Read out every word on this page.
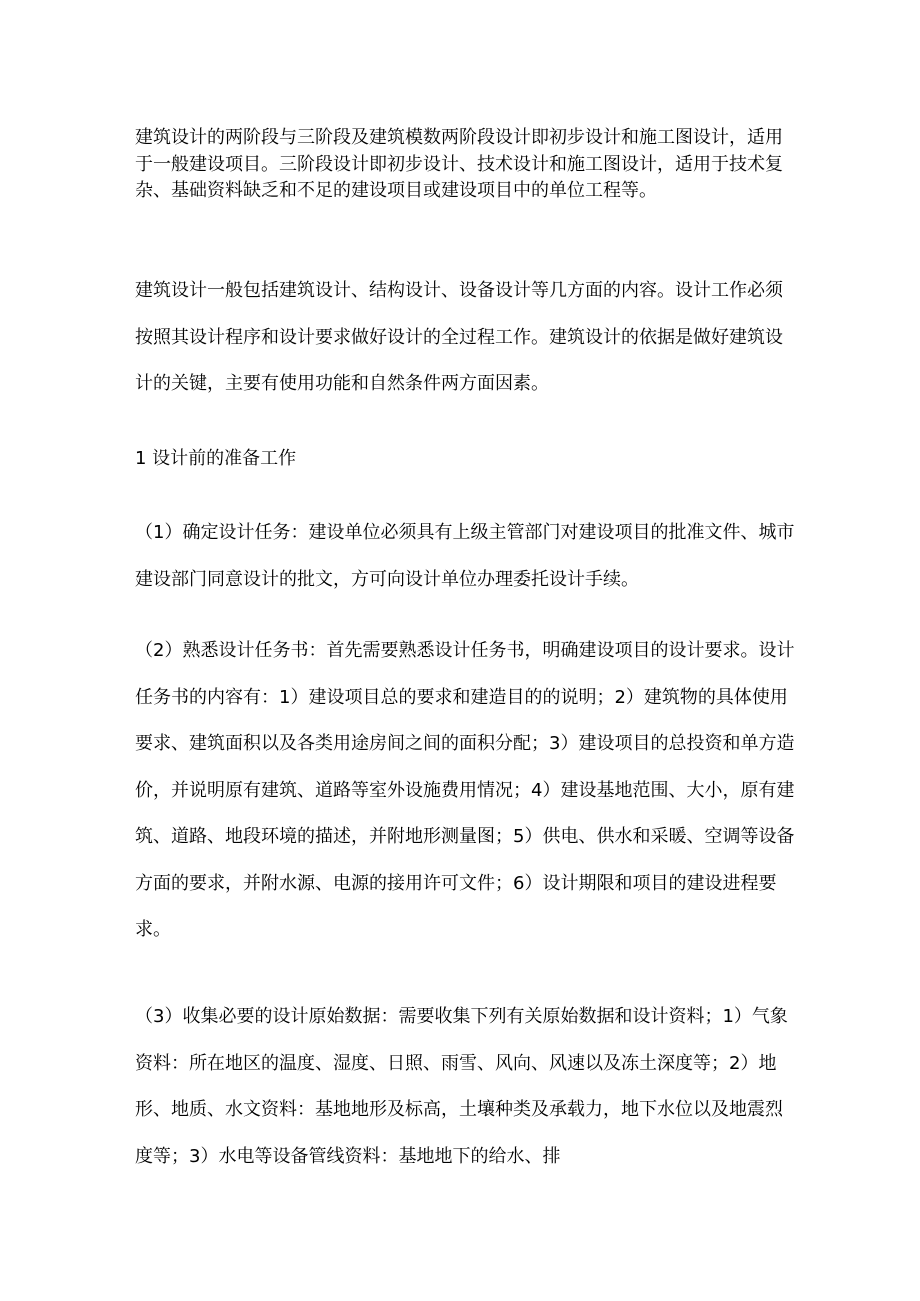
建筑设计的两阶段与三阶段及建筑模数两阶段设计即初步设计和施工图设计，适用于一般建设项目。三阶段设计即初步设计、技术设计和施工图设计，适用于技术复杂、基础资料缺乏和不足的建设项目或建设项目中的单位工程等。

建筑设计一般包括建筑设计、结构设计、设备设计等几方面的内容。设计工作必须按照其设计程序和设计要求做好设计的全过程工作。建筑设计的依据是做好建筑设计的关键，主要有使用功能和自然条件两方面因素。

1 设计前的准备工作

（1）确定设计任务：建设单位必须具有上级主管部门对建设项目的批准文件、城市建设部门同意设计的批文，方可向设计单位办理委托设计手续。

（2）熟悉设计任务书：首先需要熟悉设计任务书，明确建设项目的设计要求。设计任务书的内容有：1）建设项目总的要求和建造目的的说明；2）建筑物的具体使用要求、建筑面积以及各类用途房间之间的面积分配；3）建设项目的总投资和单方造价，并说明原有建筑、道路等室外设施费用情况；4）建设基地范围、大小，原有建筑、道路、地段环境的描述，并附地形测量图；5）供电、供水和采暖、空调等设备方面的要求，并附水源、电源的接用许可文件；6）设计期限和项目的建设进程要求。

（3）收集必要的设计原始数据：需要收集下列有关原始数据和设计资料；1）气象资料：所在地区的温度、湿度、日照、雨雪、风向、风速以及冻土深度等；2）地形、地质、水文资料：基地地形及标高，土壤种类及承载力，地下水位以及地震烈度等；3）水电等设备管线资料：基地地下的给水、排
